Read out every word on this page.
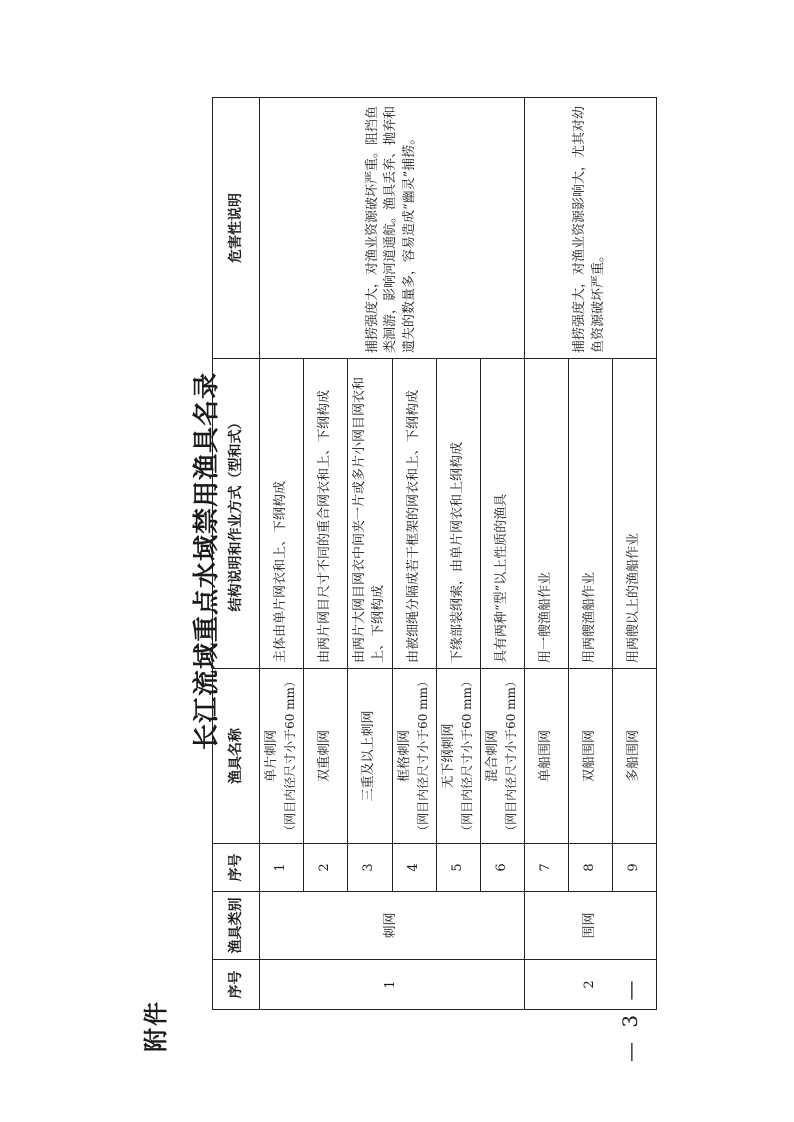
附件
长江流域重点水域禁用渔具名录
序号	渔具类别	序号	渔具名称	结构说明和作业方式（型和式）	危害性说明
1	刺网	1	单片刺网 （网目内径尺寸小于60 mm）	主体由单片网衣和上、下纲构成	捕捞强度大，对渔业资源破坏严重。阻挡鱼类洄游，影响河道通航。渔具丢弃、抛弃和遗失的数量多，容易造成“幽灵”捕捞。
		2	双重刺网	由两片网目尺寸不同的重合网衣和上、下纲构成	
		3	三重及以上刺网	由两片大网目网衣中间夹一片或多片小网目网衣和上、下纲构成	
		4	框格刺网 （网目内径尺寸小于60 mm）	由被细绳分隔成若干框架的网衣和上、下纲构成	
		5	无下纲刺网 （网目内径尺寸小于60 mm）	下缘部装纲索，由单片网衣和上纲构成	
		6	混合刺网 （网目内径尺寸小于60 mm）	具有两种“型”以上性质的渔具	
2	围网	7	单船围网	用一艘渔船作业	捕捞强度大，对渔业资源影响大，尤其对幼鱼资源破坏严重。
		8	双船围网	用两艘渔船作业	
		9	多船围网	用两艘以上的渔船作业	
— 3 —
